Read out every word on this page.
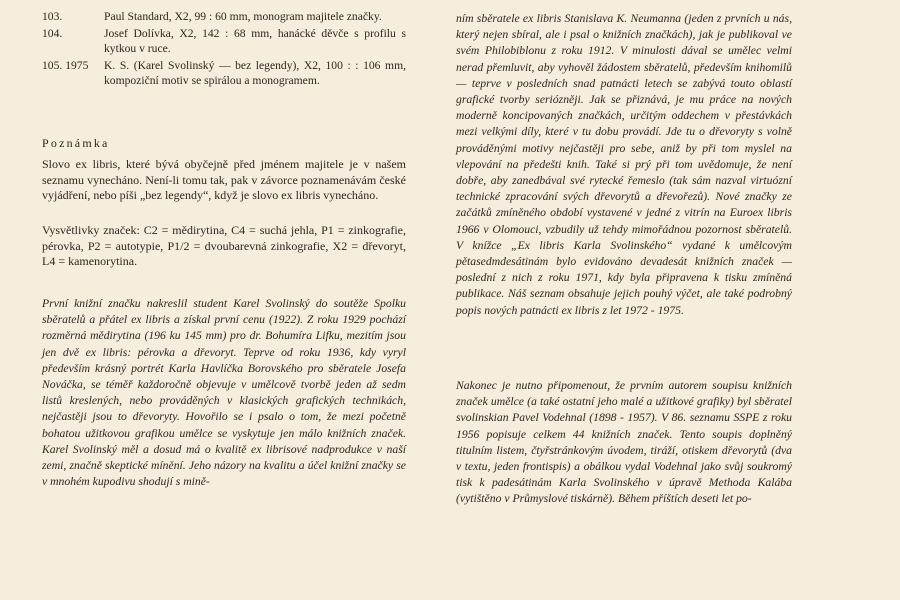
103.	Paul Standard, X2, 99 : 60 mm, monogram majitele značky.
104.	Josef Dolívka, X2, 142 : 68 mm, hanácké děvče s profilu s kytkou v ruce.
105. 1975	K. S. (Karel Svolinský — bez legendy), X2, 100 : : 106 mm, kompoziční motiv se spirálou a monogramem.
Poznámka

Slovo ex libris, které bývá obyčejně před jménem majitele je v našem seznamu vynecháno. Není-li tomu tak, pak v závorce poznamenávám české vyjádření, nebo píši „bez legendy“, když je slovo ex libris vynecháno.

Vysvětlivky značek: C2 = mědirytina, C4 = suchá jehla, P1 = zinkografie, pérovka, P2 = autotypie, P1/2 = dvoubarevná zinkografie, X2 = dřevoryt, L4 = kamenorytina.

První knižní značku nakreslil student Karel Svolinský do soutěže Spolku sběratelů a přátel ex libris a získal první cenu (1922). Z roku 1929 pochází rozměrná mědirytina (196 ku 145 mm) pro dr. Bohumíra Lifku, mezitím jsou jen dvě ex libris: pérovka a dřevoryt. Teprve od roku 1936, kdy vyryl především krásný portrét Karla Havlíčka Borovského pro sběratele Josefa Nováčka, se téměř každoročně objevuje v umělcově tvorbě jeden až sedm listů kreslených, nebo prováděných v klasických grafických technikách, nejčastěji jsou to dřevoryty. Hovořilo se i psalo o tom, že mezi početně bohatou užitkovou grafikou umělce se vyskytuje jen málo knižních značek. Karel Svolinský měl a dosud má o kvalitě ex librisové nadprodukce v naší zemi, značně skeptické mínění. Jeho názory na kvalitu a účel knižní značky se v mnohém kupodivu shodují s mině-

ním sběratele ex libris Stanislava K. Neumanna (jeden z prvních u nás, který nejen sbíral, ale i psal o knižních značkách), jak je publikoval ve svém Philobiblonu z roku 1912. V minulosti dával se umělec velmi nerad přemluvit, aby vyhověl žádostem sběratelů, především knihomilů — teprve v posledních snad patnácti letech se zabývá touto oblastí grafické tvorby seriózněji. Jak se přiznává, je mu práce na nových moderně koncipovaných značkách, určitým oddechem v přestávkách mezi velkými díly, které v tu dobu provádí. Jde tu o dřevoryty s volně prováděnými motivy nejčastěji pro sebe, aniž by při tom myslel na vlepování na předešti knih. Také si prý při tom uvědomuje, že není dobře, aby zanedbával své rytecké řemeslo (tak sám nazval virtuózní technické zpracování svých dřevorytů a dřevořezů). Nové značky ze začátků zmíněného období vystavené v jedné z vitrín na Euroex libris 1966 v Olomouci, vzbudily už tehdy mimořádnou pozornost sběratelů. V knížce „Ex libris Karla Svolinského“ vydané k umělcovým pětasedmdesátinám bylo evidováno devadesát knižních značek — poslední z nich z roku 1971, kdy byla připravena k tisku zmíněná publikace. Náš seznam obsahuje jejich pouhý výčet, ale také podrobný popis nových patnácti ex libris z let 1972 - 1975.

Nakonec je nutno připomenout, že prvním autorem soupisu knižních značek umělce (a také ostatní jeho malé a užitkové grafiky) byl sběratel svolinskian Pavel Vodehnal (1898 - 1957). V 86. seznamu SSPE z roku 1956 popisuje celkem 44 knižních značek. Tento soupis doplněný titulním listem, čtyřstránkovým úvodem, tiráží, otiskem dřevorytů (dva v textu, jeden frontispis) a obálkou vydal Vodehnal jako svůj soukromý tisk k padesátinám Karla Svolinského v úpravě Methoda Kalába (vytištěno v Průmyslové tiskárně). Během příštích deseti let po-
